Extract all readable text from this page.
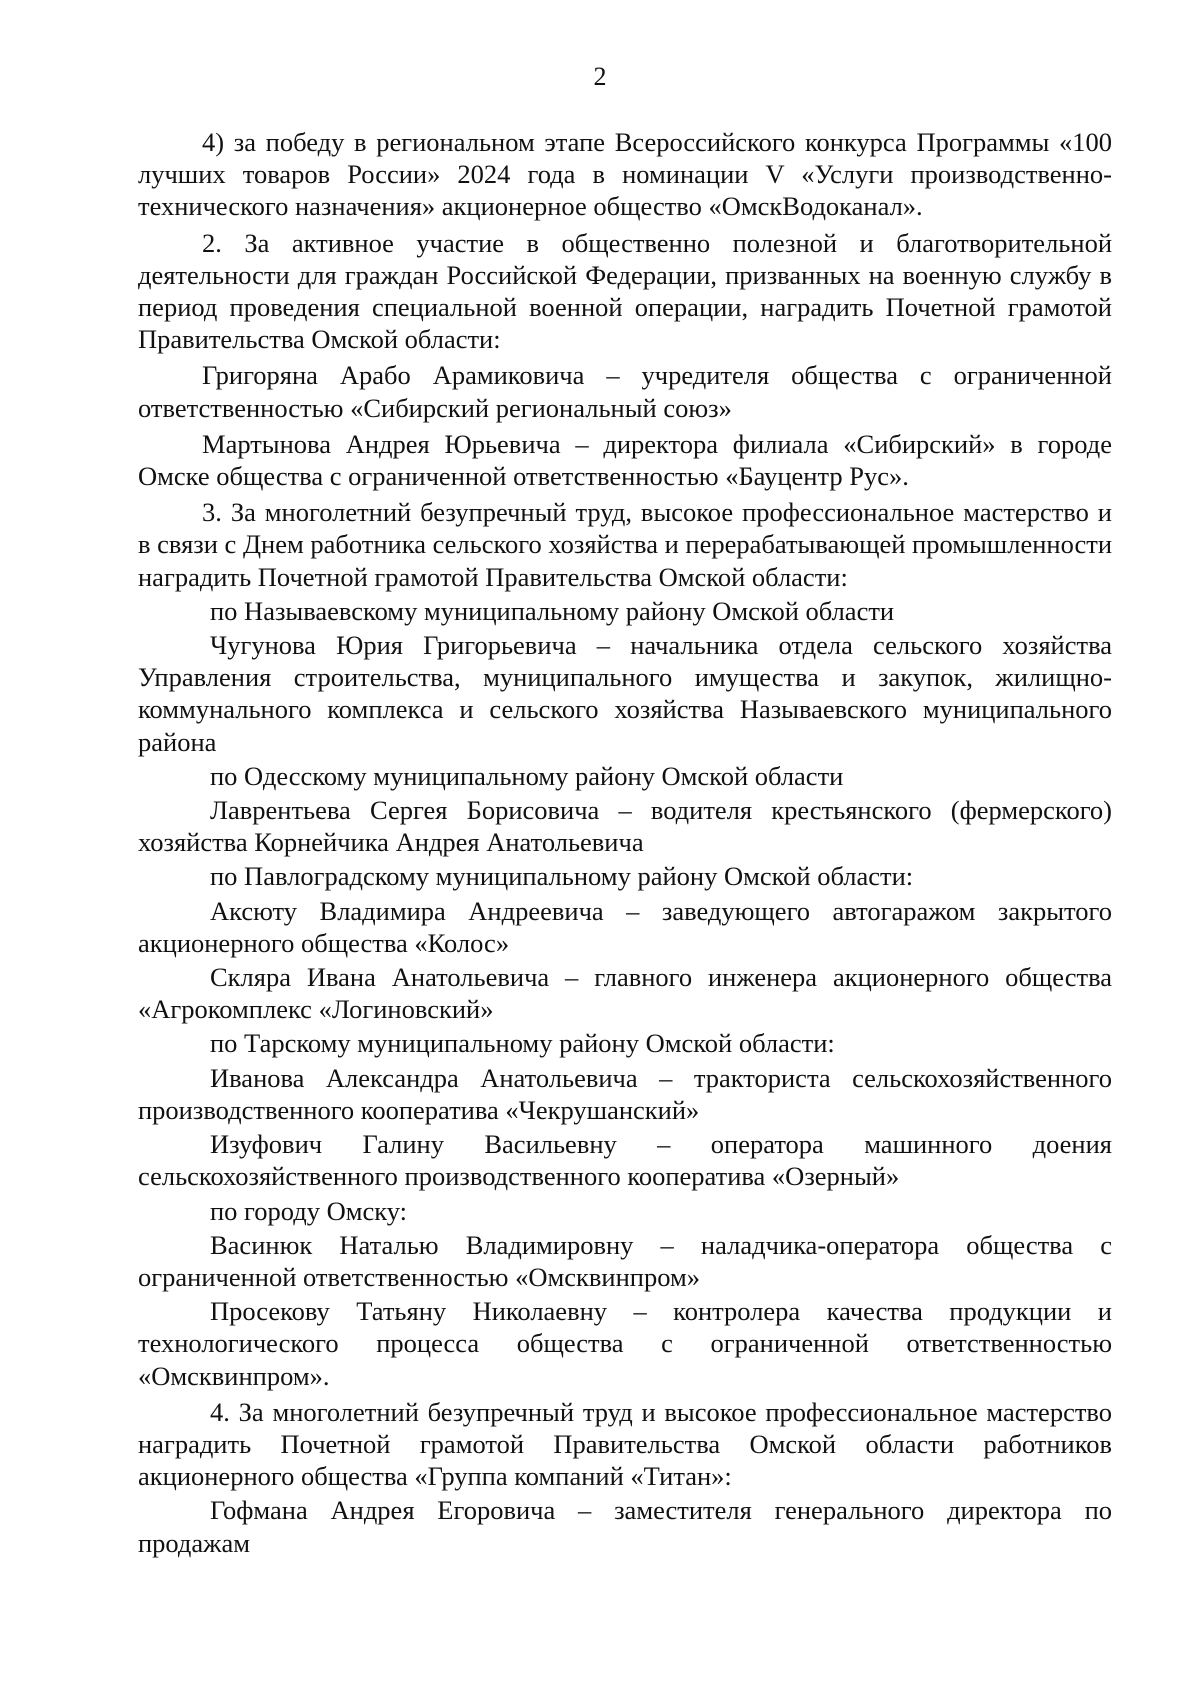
2

4) за победу в региональном этапе Всероссийского конкурса Программы «100 лучших товаров России» 2024 года в номинации V «Услуги производственно-технического назначения» акционерное общество «ОмскВодоканал».

2. За активное участие в общественно полезной и благотворительной деятельности для граждан Российской Федерации, призванных на военную службу в период проведения специальной военной операции, наградить Почетной грамотой Правительства Омской области:

Григоряна Арабо Арамиковича – учредителя общества с ограниченной ответственностью «Сибирский региональный союз»

Мартынова Андрея Юрьевича – директора филиала «Сибирский» в городе Омске общества с ограниченной ответственностью «Бауцентр Рус».

3. За многолетний безупречный труд, высокое профессиональное мастерство и в связи с Днем работника сельского хозяйства и перерабатывающей промышленности наградить Почетной грамотой Правительства Омской области:

по Называевскому муниципальному району Омской области

Чугунова Юрия Григорьевича – начальника отдела сельского хозяйства Управления строительства, муниципального имущества и закупок, жилищно-коммунального комплекса и сельского хозяйства Называевского муниципального района

по Одесскому муниципальному району Омской области

Лаврентьева Сергея Борисовича – водителя крестьянского (фермерского) хозяйства Корнейчика Андрея Анатольевича

по Павлоградскому муниципальному району Омской области:

Аксюту Владимира Андреевича – заведующего автогаражом закрытого акционерного общества «Колос»

Скляра Ивана Анатольевича – главного инженера акционерного общества «Агрокомплекс «Логиновский»

по Тарскому муниципальному району Омской области:

Иванова Александра Анатольевича – тракториста сельскохозяйственного производственного кооператива «Чекрушанский»

Изуфович Галину Васильевну – оператора машинного доения сельскохозяйственного производственного кооператива «Озерный»

по городу Омску:

Васинюк Наталью Владимировну – наладчика-оператора общества с ограниченной ответственностью «Омсквинпром»

Просекову Татьяну Николаевну – контролера качества продукции и технологического процесса общества с ограниченной ответственностью «Омсквинпром».

4. За многолетний безупречный труд и высокое профессиональное мастерство наградить Почетной грамотой Правительства Омской области работников акционерного общества «Группа компаний «Титан»:

Гофмана Андрея Егоровича – заместителя генерального директора по продажам
